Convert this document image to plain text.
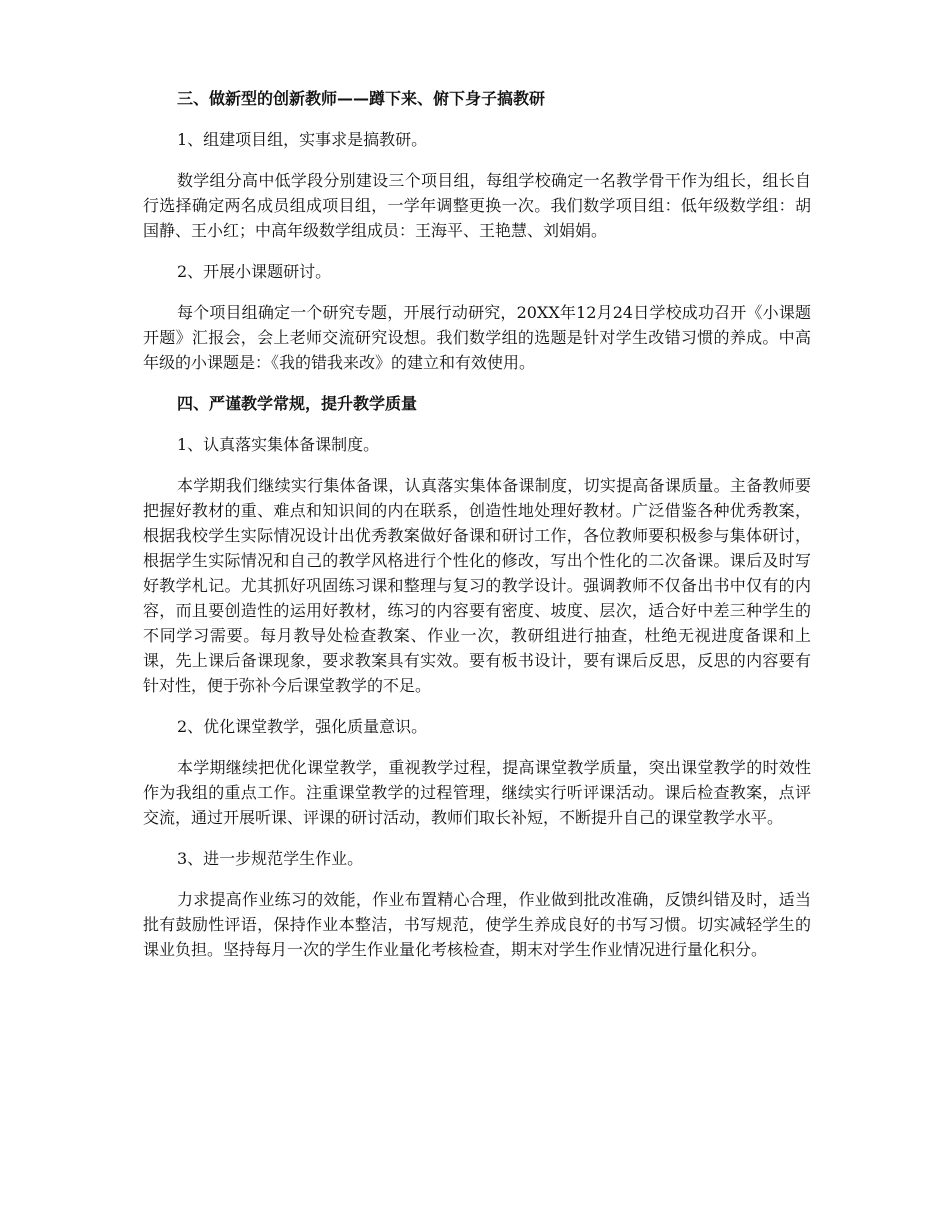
三、做新型的创新教师——蹲下来、俯下身子搞教研

1、组建项目组，实事求是搞教研。

数学组分高中低学段分别建设三个项目组，每组学校确定一名教学骨干作为组长，组长自行选择确定两名成员组成项目组，一学年调整更换一次。我们数学项目组：低年级数学组：胡国静、王小红；中高年级数学组成员：王海平、王艳慧、刘娟娟。

2、开展小课题研讨。

每个项目组确定一个研究专题，开展行动研究，20XX年12月24日学校成功召开《小课题开题》汇报会，会上老师交流研究设想。我们数学组的选题是针对学生改错习惯的养成。中高年级的小课题是：《我的错我来改》的建立和有效使用。

四、严谨教学常规，提升教学质量

1、认真落实集体备课制度。

本学期我们继续实行集体备课，认真落实集体备课制度，切实提高备课质量。主备教师要把握好教材的重、难点和知识间的内在联系，创造性地处理好教材。广泛借鉴各种优秀教案，根据我校学生实际情况设计出优秀教案做好备课和研讨工作，各位教师要积极参与集体研讨，根据学生实际情况和自己的教学风格进行个性化的修改，写出个性化的二次备课。课后及时写好教学札记。尤其抓好巩固练习课和整理与复习的教学设计。强调教师不仅备出书中仅有的内容，而且要创造性的运用好教材，练习的内容要有密度、坡度、层次，适合好中差三种学生的不同学习需要。每月教导处检查教案、作业一次，教研组进行抽查，杜绝无视进度备课和上课，先上课后备课现象，要求教案具有实效。要有板书设计，要有课后反思，反思的内容要有针对性，便于弥补今后课堂教学的不足。

2、优化课堂教学，强化质量意识。

本学期继续把优化课堂教学，重视教学过程，提高课堂教学质量，突出课堂教学的时效性作为我组的重点工作。注重课堂教学的过程管理，继续实行听评课活动。课后检查教案，点评交流，通过开展听课、评课的研讨活动，教师们取长补短，不断提升自己的课堂教学水平。

3、进一步规范学生作业。

力求提高作业练习的效能，作业布置精心合理，作业做到批改准确，反馈纠错及时，适当批有鼓励性评语，保持作业本整洁，书写规范，使学生养成良好的书写习惯。切实减轻学生的课业负担。坚持每月一次的学生作业量化考核检查，期末对学生作业情况进行量化积分。
